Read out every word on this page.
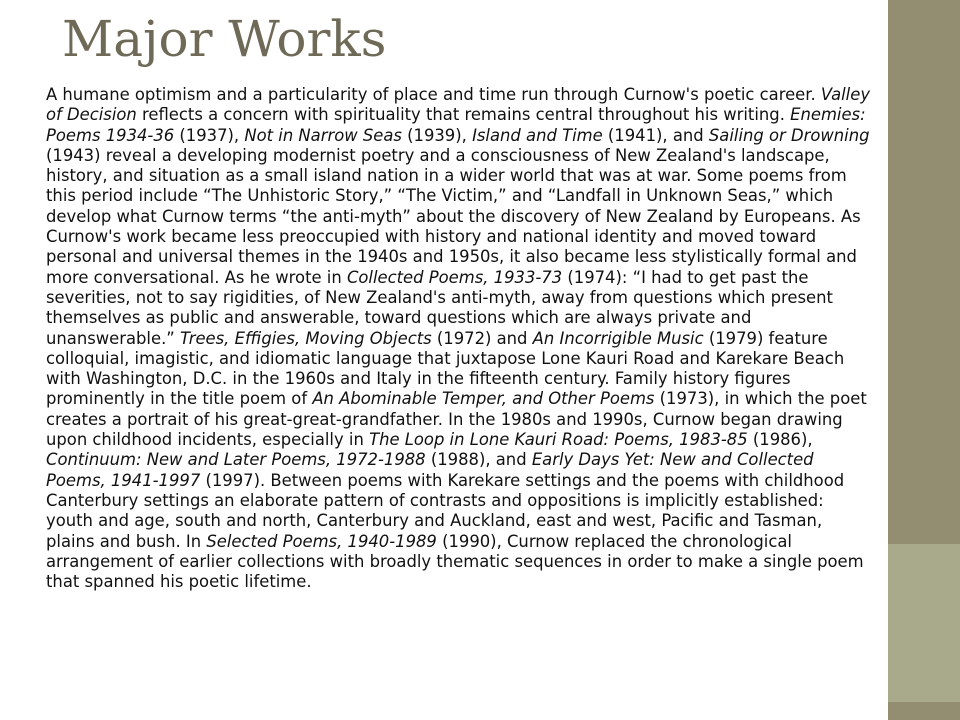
Major Works
A humane optimism and a particularity of place and time run through Curnow's poetic career. Valley of Decision reflects a concern with spirituality that remains central throughout his writing. Enemies: Poems 1934-36 (1937), Not in Narrow Seas (1939), Island and Time (1941), and Sailing or Drowning (1943) reveal a developing modernist poetry and a consciousness of New Zealand's landscape, history, and situation as a small island nation in a wider world that was at war. Some poems from this period include “The Unhistoric Story,” “The Victim,” and “Landfall in Unknown Seas,” which develop what Curnow terms “the anti-myth” about the discovery of New Zealand by Europeans. As Curnow's work became less preoccupied with history and national identity and moved toward personal and universal themes in the 1940s and 1950s, it also became less stylistically formal and more conversational. As he wrote in Collected Poems, 1933-73 (1974): “I had to get past the severities, not to say rigidities, of New Zealand's anti-myth, away from questions which present themselves as public and answerable, toward questions which are always private and unanswerable.” Trees, Effigies, Moving Objects (1972) and An Incorrigible Music (1979) feature colloquial, imagistic, and idiomatic language that juxtapose Lone Kauri Road and Karekare Beach with Washington, D.C. in the 1960s and Italy in the fifteenth century. Family history figures prominently in the title poem of An Abominable Temper, and Other Poems (1973), in which the poet creates a portrait of his great-great-grandfather. In the 1980s and 1990s, Curnow began drawing upon childhood incidents, especially in The Loop in Lone Kauri Road: Poems, 1983-85 (1986), Continuum: New and Later Poems, 1972-1988 (1988), and Early Days Yet: New and Collected Poems, 1941-1997 (1997). Between poems with Karekare settings and the poems with childhood Canterbury settings an elaborate pattern of contrasts and oppositions is implicitly established: youth and age, south and north, Canterbury and Auckland, east and west, Pacific and Tasman, plains and bush. In Selected Poems, 1940-1989 (1990), Curnow replaced the chronological arrangement of earlier collections with broadly thematic sequences in order to make a single poem that spanned his poetic lifetime.
